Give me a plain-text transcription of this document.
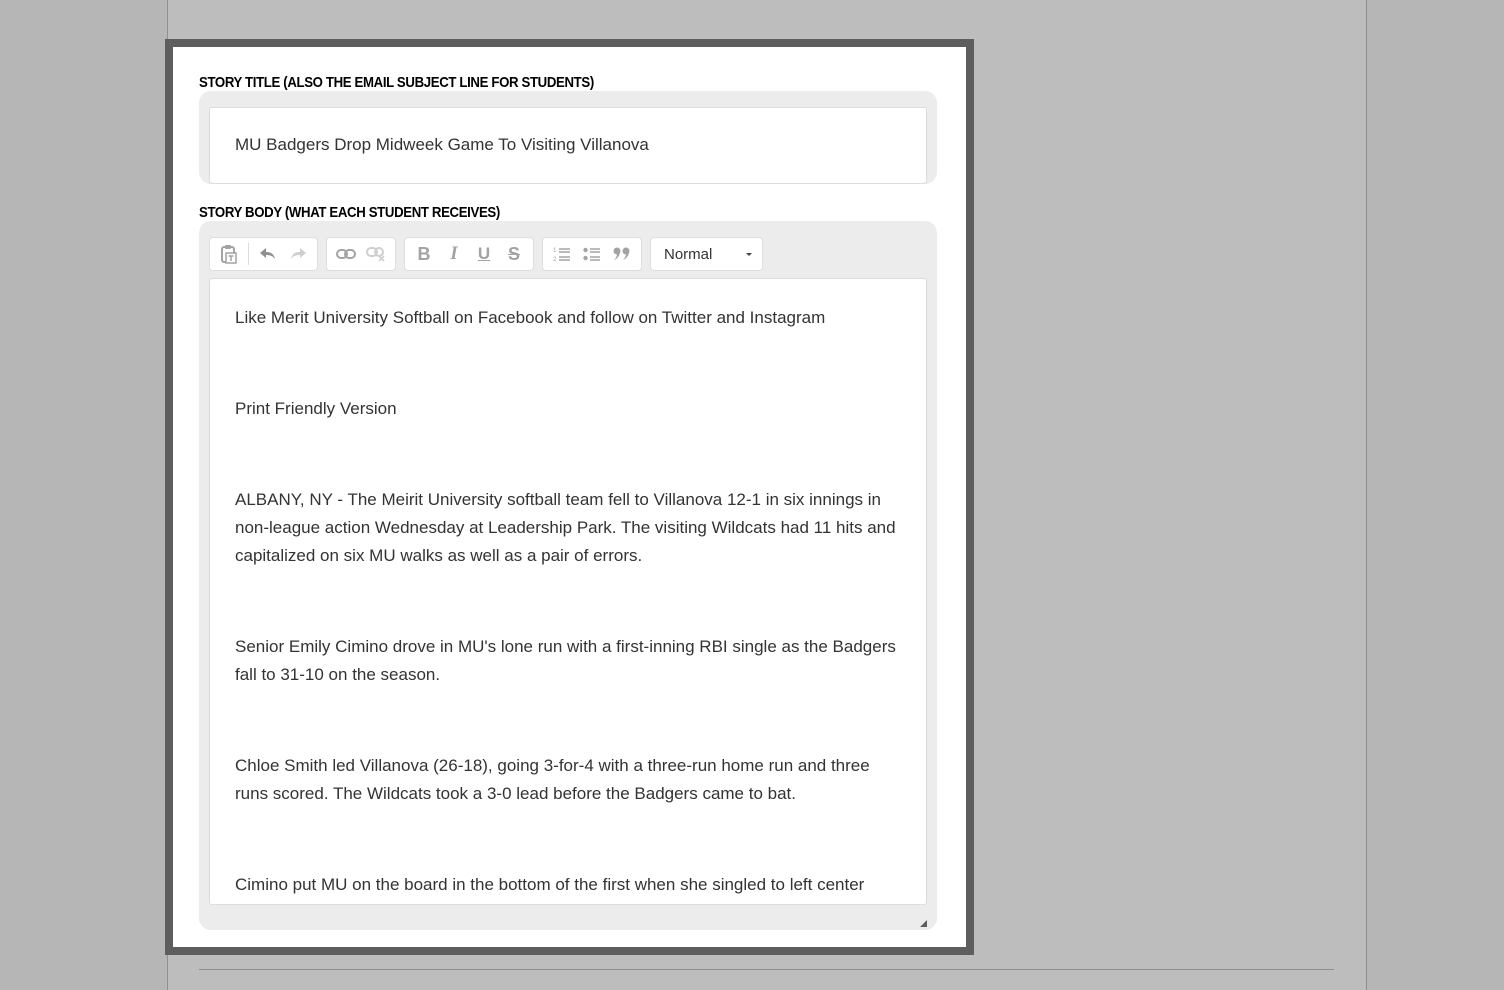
STORY TITLE (ALSO THE EMAIL SUBJECT LINE FOR STUDENTS)
MU Badgers Drop Midweek Game To Visiting Villanova
STORY BODY (WHAT EACH STUDENT RECEIVES)
B	I	U S	1
2	Normal

Like Merit University Softball on Facebook and follow on Twitter and Instagram

Print Friendly Version

ALBANY, NY - The Meirit University softball team fell to Villanova 12-1 in six innings in non-league action Wednesday at Leadership Park. The visiting Wildcats had 11 hits and capitalized on six MU walks as well as a pair of errors.

Senior Emily Cimino drove in MU's lone run with a first-inning RBI single as the Badgers fall to 31-10 on the season.

Chloe Smith led Villanova (26-18), going 3-for-4 with a three-run home run and three runs scored. The Wildcats took a 3-0 lead before the Badgers came to bat.

Cimino put MU on the board in the bottom of the first when she singled to left center
